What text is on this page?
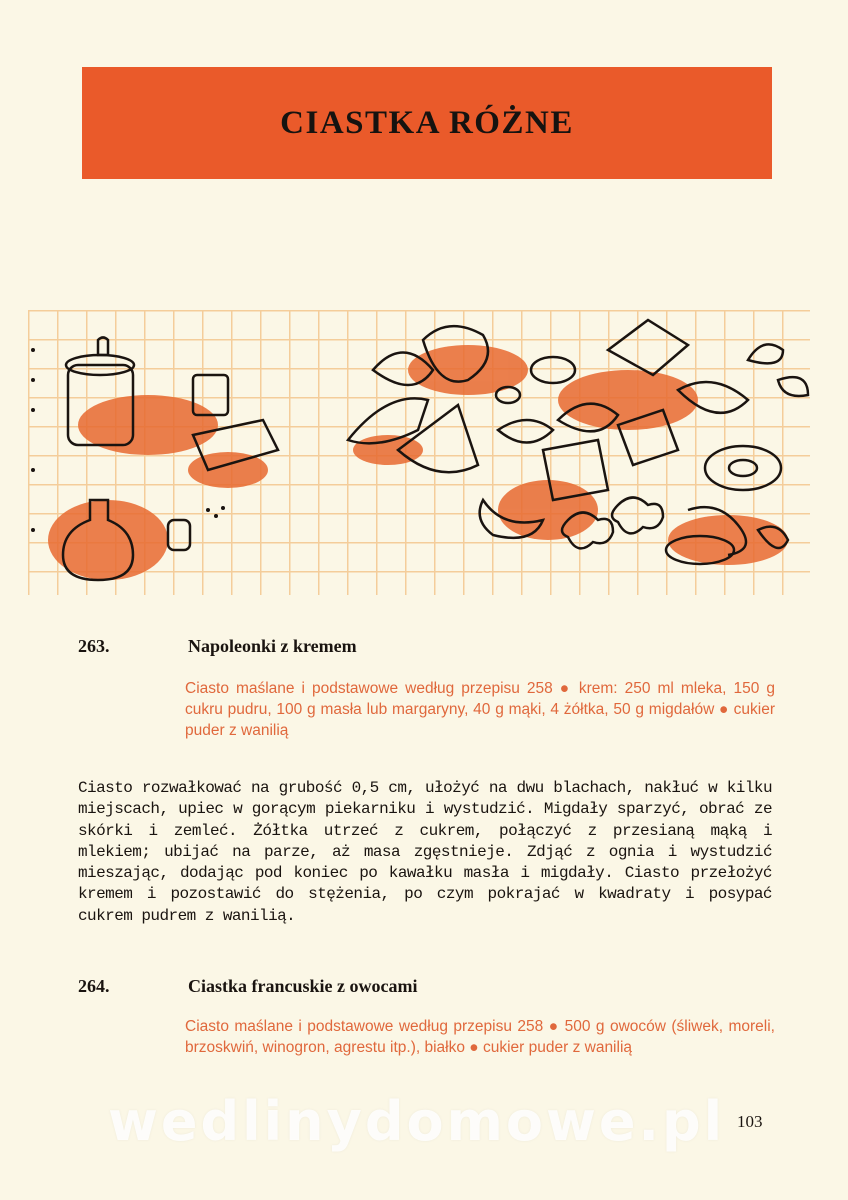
CIASTKA RÓŻNE
263.	Napoleonki z kremem
Ciasto maślane i podstawowe według przepisu 258 ● krem: 250 ml mleka, 150 g cukru pudru, 100 g masła lub margaryny, 40 g mąki, 4 żółtka, 50 g migdałów ● cukier puder z wanilią
Ciasto rozwałkować na grubość 0,5 cm, ułożyć na dwu blachach, nakłuć w kilku miejscach, upiec w gorącym piekarniku i wystudzić. Migdały sparzyć, obrać ze skórki i zemleć. Żółtka utrzeć z cukrem, połączyć z przesianą mąką i mlekiem; ubijać na parze, aż masa zgęstnieje. Zdjąć z ognia i wystudzić mieszając, dodając pod koniec po kawałku masła i migdały. Ciasto przełożyć kremem i pozostawić do stężenia, po czym pokrajać w kwadraty i posypać cukrem pudrem z wanilią.
264.	Ciastka francuskie z owocami
Ciasto maślane i podstawowe według przepisu 258 ● 500 g owoców (śliwek, moreli, brzoskwiń, winogron, agrestu itp.), białko ● cukier puder z wanilią
wedlinydomowe.pl 103
